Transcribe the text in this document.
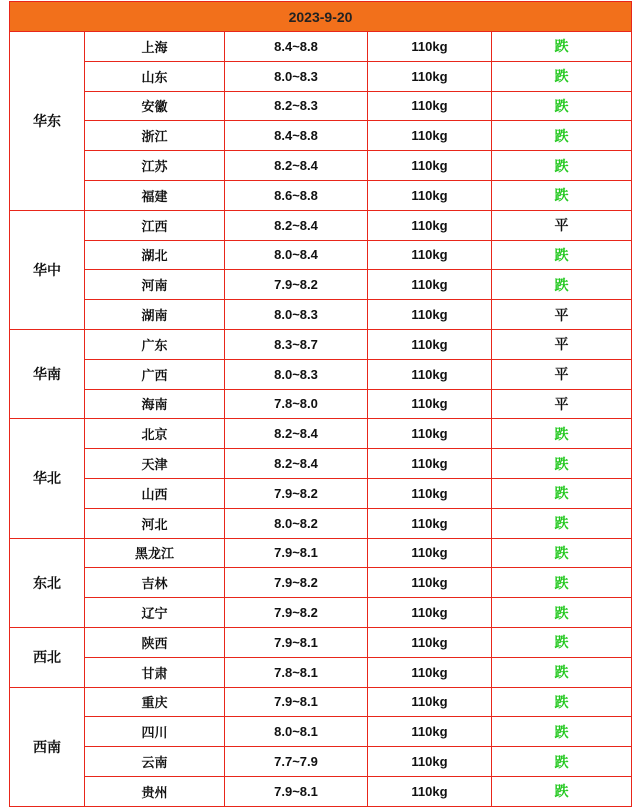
2023-9-20				
华东	上海	8.4~8.8	110kg	跌
	山东	8.0~8.3	110kg	跌
	安徽	8.2~8.3	110kg	跌
	浙江	8.4~8.8	110kg	跌
	江苏	8.2~8.4	110kg	跌
	福建	8.6~8.8	110kg	跌
华中	江西	8.2~8.4	110kg	平
	湖北	8.0~8.4	110kg	跌
	河南	7.9~8.2	110kg	跌
	湖南	8.0~8.3	110kg	平
华南	广东	8.3~8.7	110kg	平
	广西	8.0~8.3	110kg	平
	海南	7.8~8.0	110kg	平
华北	北京	8.2~8.4	110kg	跌
	天津	8.2~8.4	110kg	跌
	山西	7.9~8.2	110kg	跌
	河北	8.0~8.2	110kg	跌
东北	黑龙江	7.9~8.1	110kg	跌
	吉林	7.9~8.2	110kg	跌
	辽宁	7.9~8.2	110kg	跌
西北	陕西	7.9~8.1	110kg	跌
	甘肃	7.8~8.1	110kg	跌
西南	重庆	7.9~8.1	110kg	跌
	四川	8.0~8.1	110kg	跌
	云南	7.7~7.9	110kg	跌
	贵州	7.9~8.1	110kg	跌
